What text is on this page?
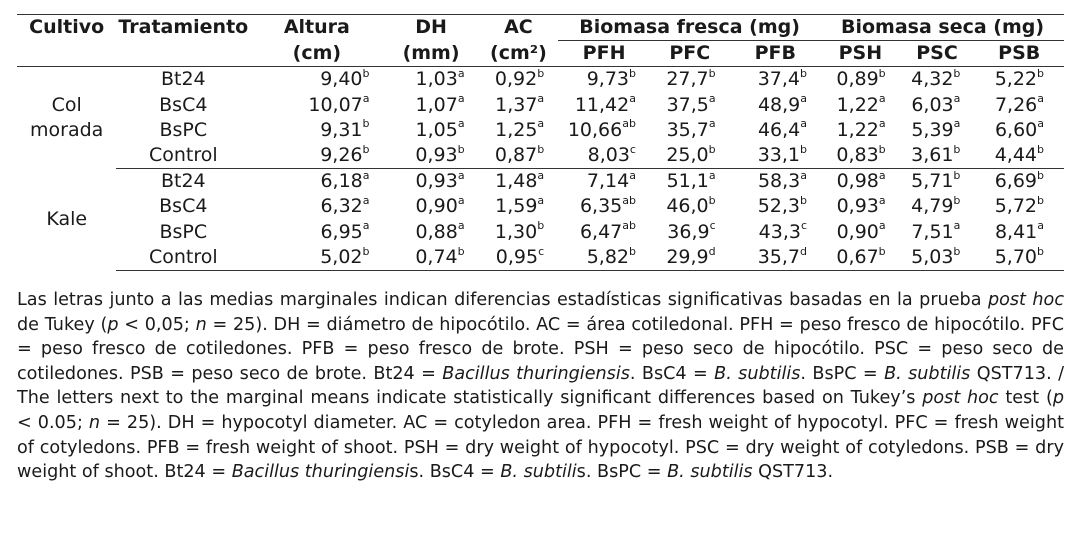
Cultivo	Tratamiento	Altura	DH	AC	Biomasa fresca (mg)			Biomasa seca (mg)		
		(cm)	(mm)	(cm²)	PFH	PFC	PFB	PSH	PSC	PSB

Col
morada	Bt24	9,40$^b$	1,03$^a$	0,92$^b$	9,73$^b$	27,7$^b$	37,4$^b$	0,89$^b$	4,32$^b$	5,22$^b$
	BsC4	10,07$^a$	1,07$^a$	1,37$^a$	11,42$^a$	37,5$^a$	48,9$^a$	1,22$^a$	6,03$^a$	7,26$^a$
	BsPC	9,31$^b$	1,05$^a$	1,25$^a$	10,66$^{ab}$	35,7$^a$	46,4$^a$	1,22$^a$	5,39$^a$	6,60$^a$
	Control	9,26$^b$	0,93$^b$	0,87$^b$	8,03$^c$	25,0$^b$	33,1$^b$	0,83$^b$	3,61$^b$	4,44$^b$

Kale	Bt24	6,18$^a$	0,93$^a$	1,48$^a$	7,14$^a$	51,1$^a$	58,3$^a$	0,98$^a$	5,71$^b$	6,69$^b$
	BsC4	6,32$^a$	0,90$^a$	1,59$^a$	6,35$^{ab}$	46,0$^b$	52,3$^b$	0,93$^a$	4,79$^b$	5,72$^b$
	BsPC	6,95$^a$	0,88$^a$	1,30$^b$	6,47$^{ab}$	36,9$^c$	43,3$^c$	0,90$^a$	7,51$^a$	8,41$^a$
	Control	5,02$^b$	0,74$^b$	0,95$^c$	5,82$^b$	29,9$^d$	35,7$^d$	0,67$^b$	5,03$^b$	5,70$^b$

Las letras junto a las medias marginales indican diferencias estadísticas significativas basadas en la prueba post hoc de Tukey (p < 0,05; n = 25). DH = diámetro de hipocótilo. AC = área cotiledonal. PFH = peso fresco de hipocótilo. PFC = peso fresco de cotiledones. PFB = peso fresco de brote. PSH = peso seco de hipocótilo. PSC = peso seco de cotiledones. PSB = peso seco de brote. Bt24 = Bacillus thuringiensis. BsC4 = B. subtilis. BsPC = B. subtilis QST713. / The letters next to the marginal means indicate statistically significant differences based on Tukey’s post hoc test (p < 0.05; n = 25). DH = hypocotyl diameter. AC = cotyledon area. PFH = fresh weight of hypocotyl. PFC = fresh weight of cotyledons. PFB = fresh weight of shoot. PSH = dry weight of hypocotyl. PSC = dry weight of cotyledons. PSB = dry weight of shoot. Bt24 = Bacillus thuringiensis. BsC4 = B. subtilis. BsPC = B. subtilis QST713.
